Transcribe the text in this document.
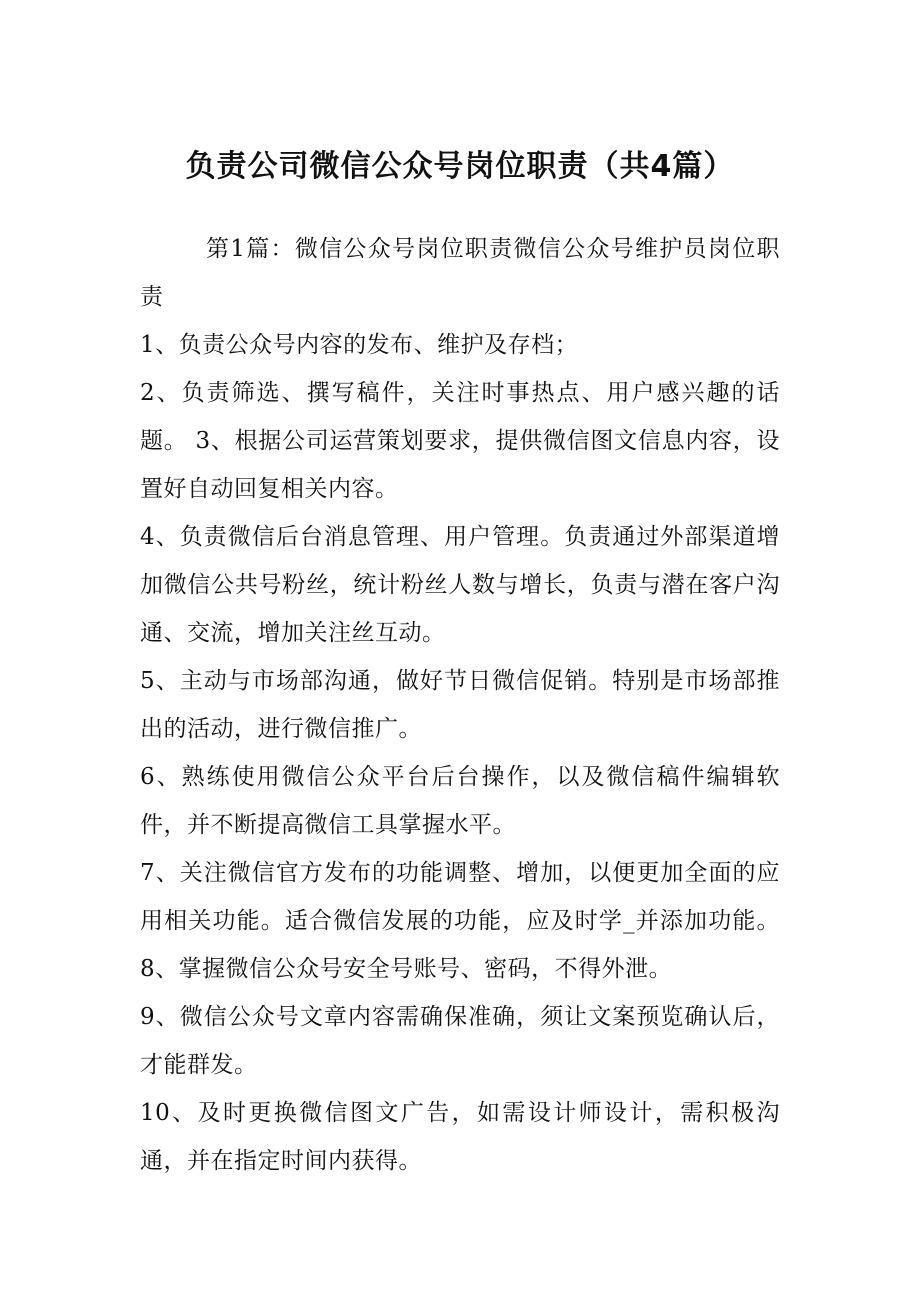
负责公司微信公众号岗位职责（共4篇）

第1篇：微信公众号岗位职责微信公众号维护员岗位职责

1、负责公众号内容的发布、维护及存档；

2、负责筛选、撰写稿件，关注时事热点、用户感兴趣的话题。 3、根据公司运营策划要求，提供微信图文信息内容，设置好自动回复相关内容。

4、负责微信后台消息管理、用户管理。负责通过外部渠道增加微信公共号粉丝，统计粉丝人数与增长，负责与潜在客户沟通、交流，增加关注丝互动。

5、主动与市场部沟通，做好节日微信促销。特别是市场部推出的活动，进行微信推广。

6、熟练使用微信公众平台后台操作，以及微信稿件编辑软件，并不断提高微信工具掌握水平。

7、关注微信官方发布的功能调整、增加，以便更加全面的应用相关功能。适合微信发展的功能，应及时学_并添加功能。 8、掌握微信公众号安全号账号、密码，不得外泄。

9、微信公众号文章内容需确保准确，须让文案预览确认后，才能群发。

10、及时更换微信图文广告，如需设计师设计，需积极沟通，并在指定时间内获得。
